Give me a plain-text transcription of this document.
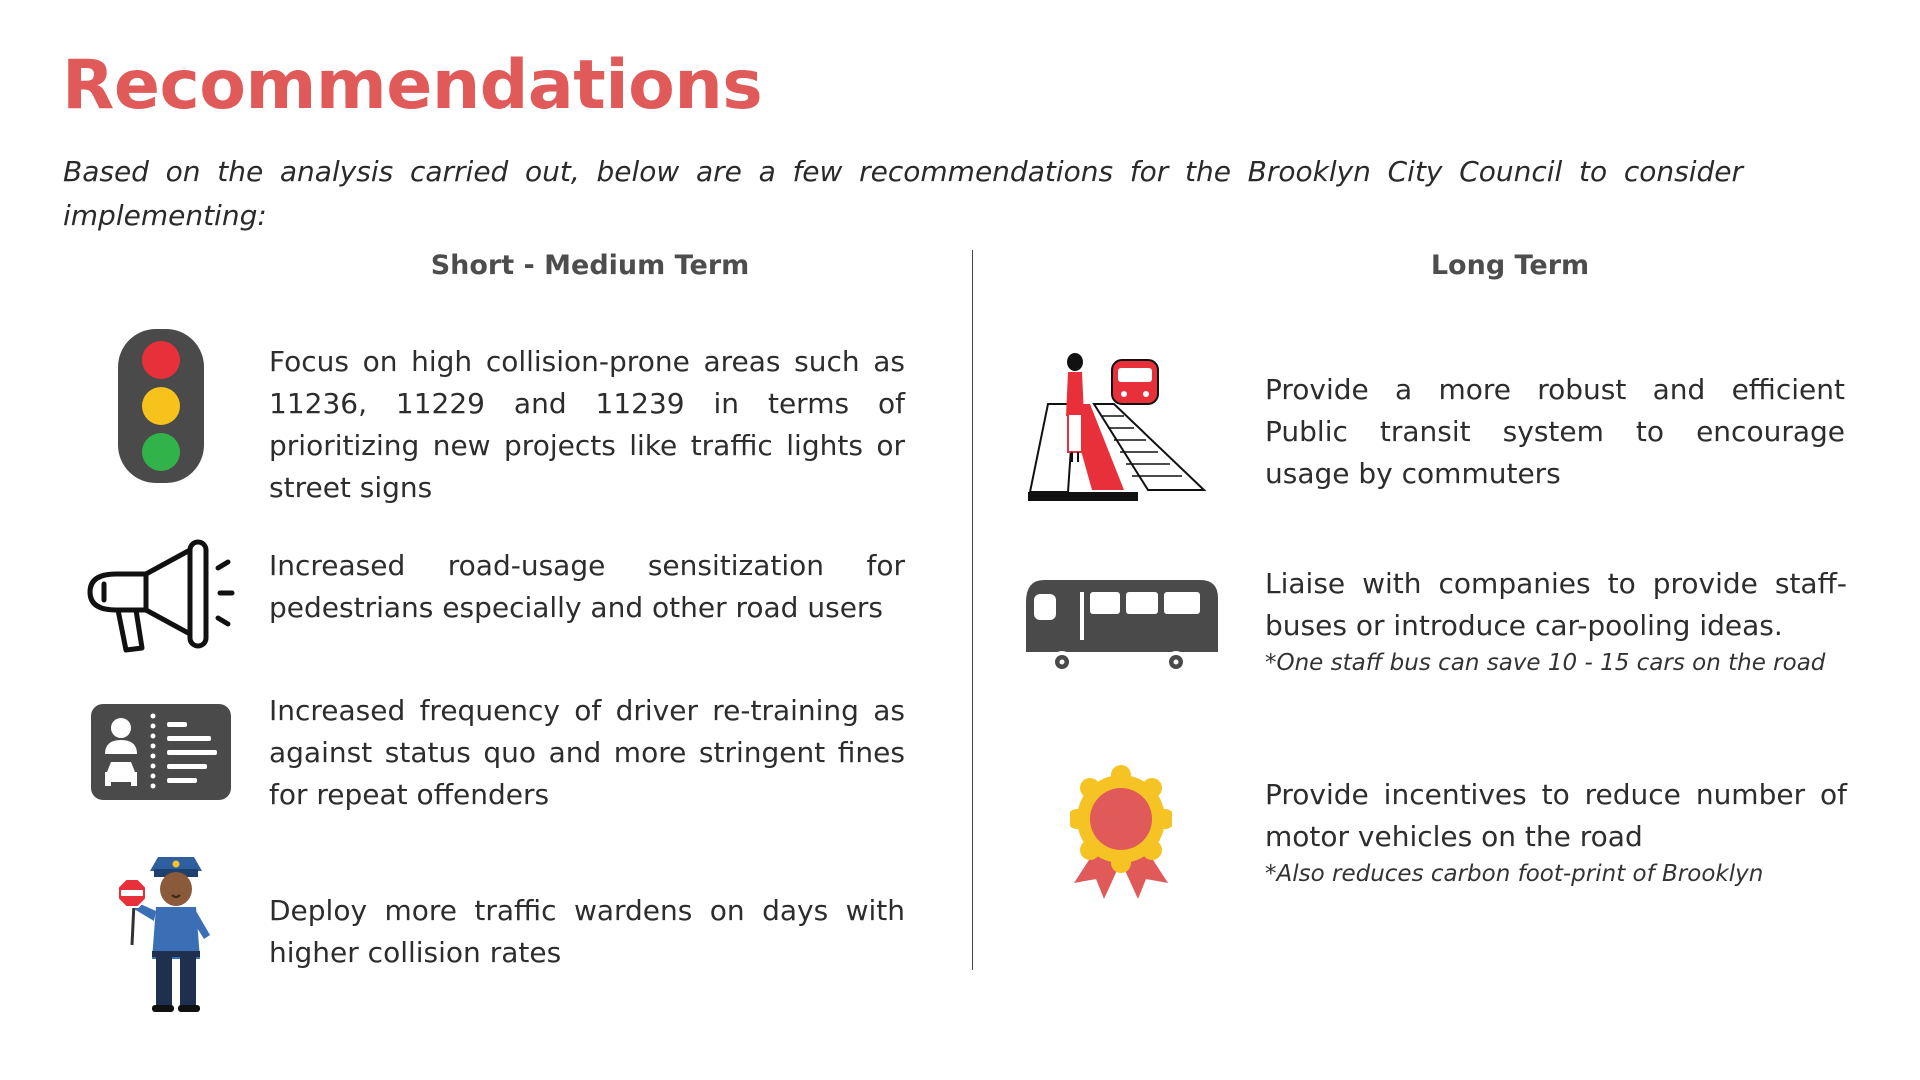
Recommendations

Based on the analysis carried out, below are a few recommendations for the Brooklyn City Council to consider implementing:

Short - Medium Term	Long Term

Focus on high collision-prone areas such as 11236, 11229 and 11239 in terms of prioritizing new projects like traffic lights or street signs

Increased road-usage sensitization for pedestrians especially and other road users

Increased frequency of driver re-training as against status quo and more stringent fines for repeat offenders

Deploy more traffic wardens on days with higher collision rates

Provide a more robust and efficient Public transit system to encourage usage by commuters

Liaise with companies to provide staff-buses or introduce car-pooling ideas.
*One staff bus can save 10 - 15 cars on the road

Provide incentives to reduce number of motor vehicles on the road
*Also reduces carbon foot-print of Brooklyn
